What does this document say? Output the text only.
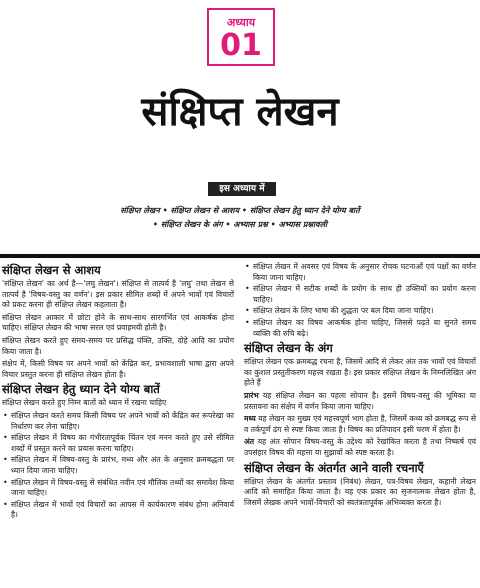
अध्याय
01
संक्षिप्त लेखन
इस अध्याय में
संक्षिप्त लेखन • संक्षिप्त लेखन से आशय • संक्षिप्त लेखन हेतु ध्यान देने योग्य बातें
• संक्षिप्त लेखन के अंग • अभ्यास प्रश्न • अभ्यास प्रश्नावली
संक्षिप्त लेखन से आशय

'संक्षिप्त लेखन' का अर्थ है—'लघु लेखन'। संक्षिप्त से तात्पर्य है 'लघु' तथा लेखन से तात्पर्य है 'विषय-वस्तु का वर्णन'। इस प्रकार सीमित शब्दों में अपने भावों एवं विचारों को प्रकट करना ही संक्षिप्त लेखन कहलाता है।

संक्षिप्त लेखन आकार में छोटा होने के साथ-साथ सारगर्भित एवं आकर्षक होना चाहिए। संक्षिप्त लेखन की भाषा सरल एवं प्रवाहमयी होती है।

संक्षिप्त लेखन करते हुए समय-समय पर प्रसिद्ध पंक्ति, उक्ति, दोहे आदि का प्रयोग किया जाता है।

संक्षेप में, किसी विषय पर अपने भावों को केंद्रित कर, प्रभावशाली भाषा द्वारा अपने विचार प्रस्तुत करना ही संक्षिप्त लेखन होता है।

संक्षिप्त लेखन हेतु ध्यान देने योग्य बातें

संक्षिप्त लेखन करते हुए निम्न बातों को ध्यान में रखना चाहिए

• संक्षिप्त लेखन करते समय किसी विषय पर अपने भावों को केंद्रित कर रूपरेखा का निर्धारण कर लेना चाहिए।
• संक्षिप्त लेखन में विषय का गंभीरतापूर्वक चिंतन एवं मनन करते हुए उसे सीमित शब्दों में प्रस्तुत करने का प्रयास करना चाहिए।
• संक्षिप्त लेखन में विषय-वस्तु के प्रारंभ, मध्य और अंत के अनुसार क्रमबद्धता पर ध्यान दिया जाना चाहिए।
• संक्षिप्त लेखन में विषय-वस्तु से संबंधित नवीन एवं मौलिक तथ्यों का समावेश किया जाना चाहिए।
• संक्षिप्त लेखन में भावों एवं विचारों का आपस में कार्यकारण संबंध होना अनिवार्य है।
• संक्षिप्त लेखन में अवसर एवं विषय के अनुसार रोचक घटनाओं एवं पक्षों का वर्णन किया जाना चाहिए।
• संक्षिप्त लेखन में सटीक शब्दों के प्रयोग के साथ ही उक्तियों का प्रयोग करना चाहिए।
• संक्षिप्त लेखन के लिए भाषा की शुद्धता पर बल दिया जाना चाहिए।
• संक्षिप्त लेखन का विषय आकर्षक होना चाहिए, जिससे पढ़ते या सुनते समय व्यक्ति की रुचि बढ़े।
संक्षिप्त लेखन के अंग

संक्षिप्त लेखन एक क्रमबद्ध रचना है, जिसमें आदि से लेकर अंत तक भावों एवं विचारों का कुशल प्रस्तुतीकरण महत्त्व रखता है। इस प्रकार संक्षिप्त लेखन के निम्नलिखित अंग होते हैं

प्रारंभ यह संक्षिप्त लेखन का पहला सोपान है। इसमें विषय-वस्तु की भूमिका या प्रस्तावना का संक्षेप में वर्णन किया जाना चाहिए।

मध्य यह लेखन का मुख्य एवं महत्त्वपूर्ण भाग होता है, जिसमें कथ्य को क्रमबद्ध रूप से व तर्कपूर्ण ढंग से स्पष्ट किया जाता है। विषय का प्रतिपादन इसी चरण में होता है।

अंत यह अंत सोपान विषय-वस्तु के उद्देश्य को रेखांकित करता है तथा निष्कर्ष एवं उपसंहार विषय की महत्ता या सुझावों को स्पष्ट करता है।

संक्षिप्त लेखन के अंतर्गत आने वाली रचनाएँ

संक्षिप्त लेखन के अंतर्गत प्रस्ताव (निबंध) लेखन, पत्र-विषय लेखन, कहानी लेखन आदि को समाहित किया जाता है। यह एक प्रकार का सृजनात्मक लेखन होता है, जिसमें लेखक अपने भावों-विचारों को स्वतंत्रतापूर्वक अभिव्यक्त करता है।
